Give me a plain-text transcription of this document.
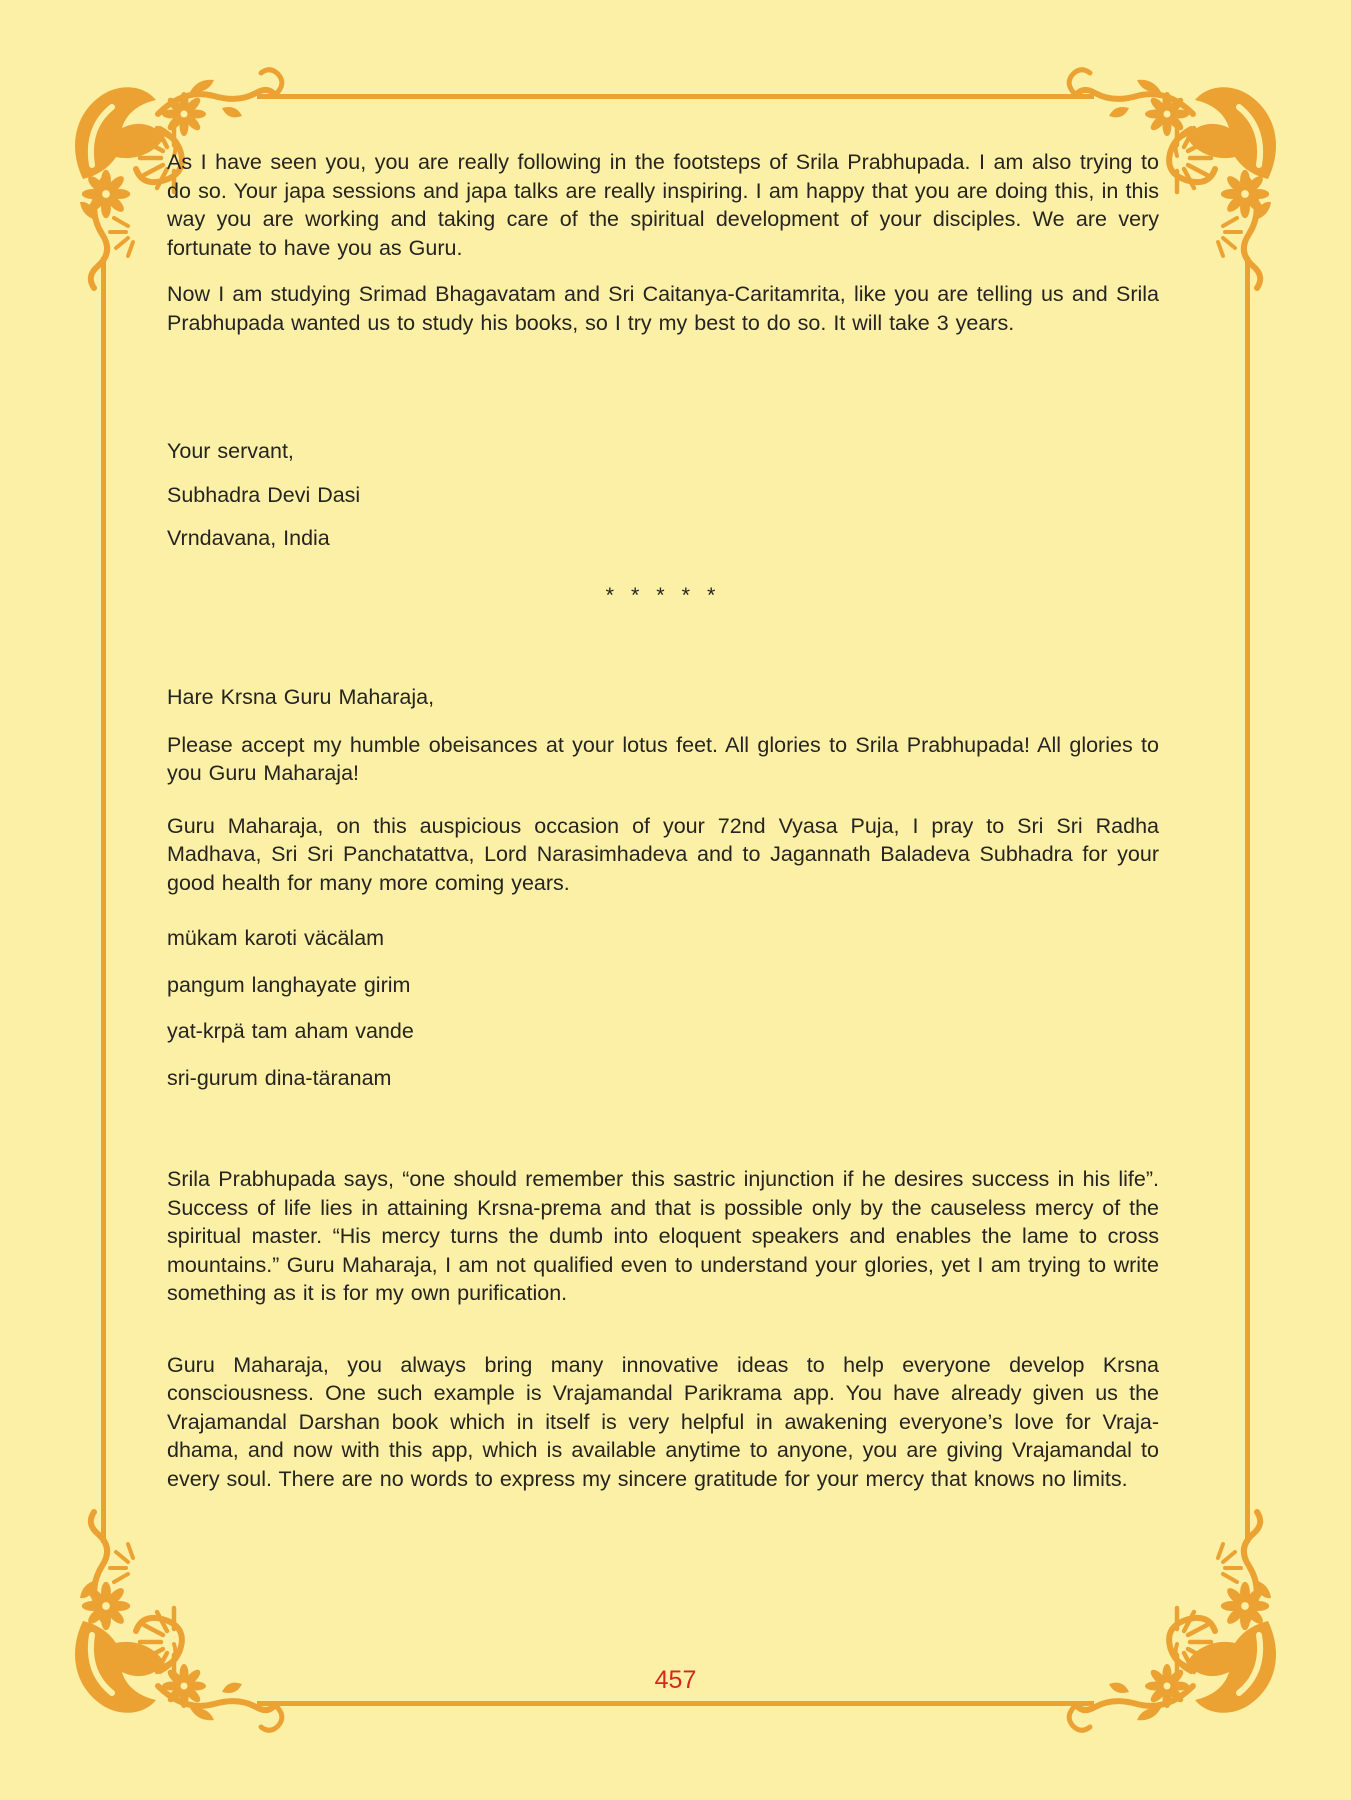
As I have seen you, you are really following in the footsteps of Srila Prabhupada. I am also trying to do so. Your japa sessions and japa talks are really inspiring. I am happy that you are doing this, in this way you are working and taking care of the spiritual development of your disciples. We are very fortunate to have you as Guru.

Now I am studying Srimad Bhagavatam and Sri Caitanya-Caritamrita, like you are telling us and Srila Prabhupada wanted us to study his books, so I try my best to do so. It will take 3 years.

Your servant,

Subhadra Devi Dasi

Vrndavana, India

* * * * *

Hare Krsna Guru Maharaja,

Please accept my humble obeisances at your lotus feet. All glories to Srila Prabhupada! All glories to you Guru Maharaja!

Guru Maharaja, on this auspicious occasion of your 72nd Vyasa Puja, I pray to Sri Sri Radha Madhava, Sri Sri Panchatattva, Lord Narasimhadeva and to Jagannath Baladeva Subhadra for your good health for many more coming years.

mükam karoti väcälam

pangum langhayate girim

yat-krpä tam aham vande

sri-gurum dina-täranam

Srila Prabhupada says, “one should remember this sastric injunction if he desires success in his life”. Success of life lies in attaining Krsna-prema and that is possible only by the causeless mercy of the spiritual master. “His mercy turns the dumb into eloquent speakers and enables the lame to cross mountains.” Guru Maharaja, I am not qualified even to understand your glories, yet I am trying to write something as it is for my own purification.

Guru Maharaja, you always bring many innovative ideas to help everyone develop Krsna consciousness. One such example is Vrajamandal Parikrama app. You have already given us the Vrajamandal Darshan book which in itself is very helpful in awakening everyone’s love for Vraja-dhama, and now with this app, which is available anytime to anyone, you are giving Vrajamandal to every soul. There are no words to express my sincere gratitude for your mercy that knows no limits.

457
